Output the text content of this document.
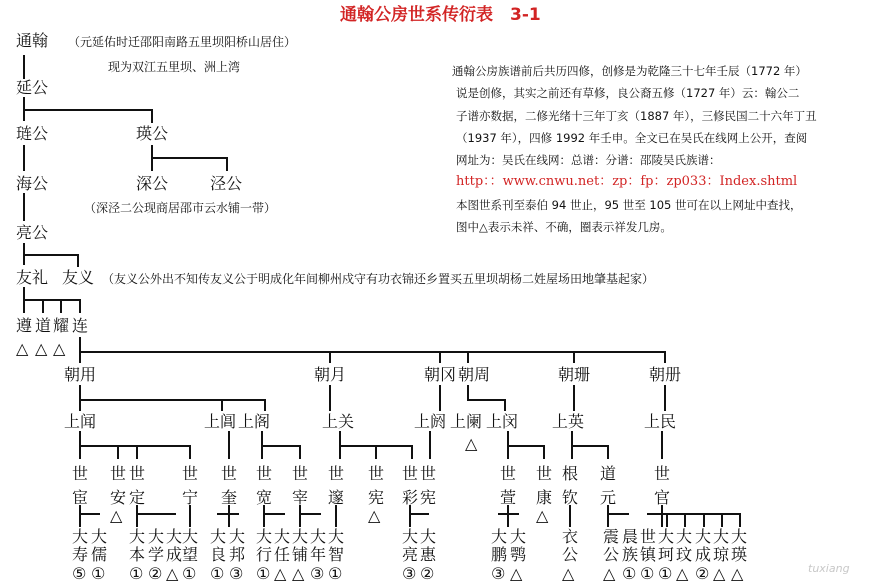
通翰公房世系传衍表　3-1
通翰 （元延佑时迁邵阳南路五里坝阳桥山居住）
现为双江五里坝、洲上湾
延公
琏公	瑛公
海公	深公	泾公
（深泾二公现商居邵市云水铺一带）
亮公
友礼 友义 （友义公外出不知传友义公于明成化年间柳州戍守有功衣锦还乡置买五里坝胡杨二姓屋场田地肇基起家）
遵 道 耀 连
△ △ △
朝用	朝月	朝冈 朝周	朝珊	朝册
上闻	上阊 上阁	上关	上阏 上阑 上闵 上英	上民
△
世宦
世安
世定
世宁
世奎
世宽
世宰
世邃
世宪
世彩
世宪
世萱
世康
根钦
道元
世官
△	△	△
大寿
大儒
大本
大学
大成
大望
大良
大邦
大行
大任
大铺
大年
大智
大亮
大惠
大鹏
大鹗
衣公
震公
晨族
世镇
大珂
大玟
大成
大琼
大瑛
⑤ ① ① ② △ ① ① ③ ① △ △ ③ ①	③ ②	③ △ △ △ ① ① ① △ ② △ △
通翰公房族谱前后共历四修，创修是为乾隆三十七年壬辰（1772 年）
说是创修，其实之前还有草修，良公裔五修（1727 年）云：翰公二
子谱亦数据，二修光绪十三年丁亥（1887 年），三修民国二十六年丁丑
（1937 年），四修 1992 年壬申。全文已在吴氏在线网上公开，查阅
网址为：吴氏在线网：总谱：分谱：邵陵吴氏族谱：
http：：www.cnwu.net：zp：fp：zp033：Index.shtml
本图世系刊至泰伯 94 世止，95 世至 105 世可在以上网址中查找，
图中△表示未祥、不确，圈表示祥发几房。
tuxiang
